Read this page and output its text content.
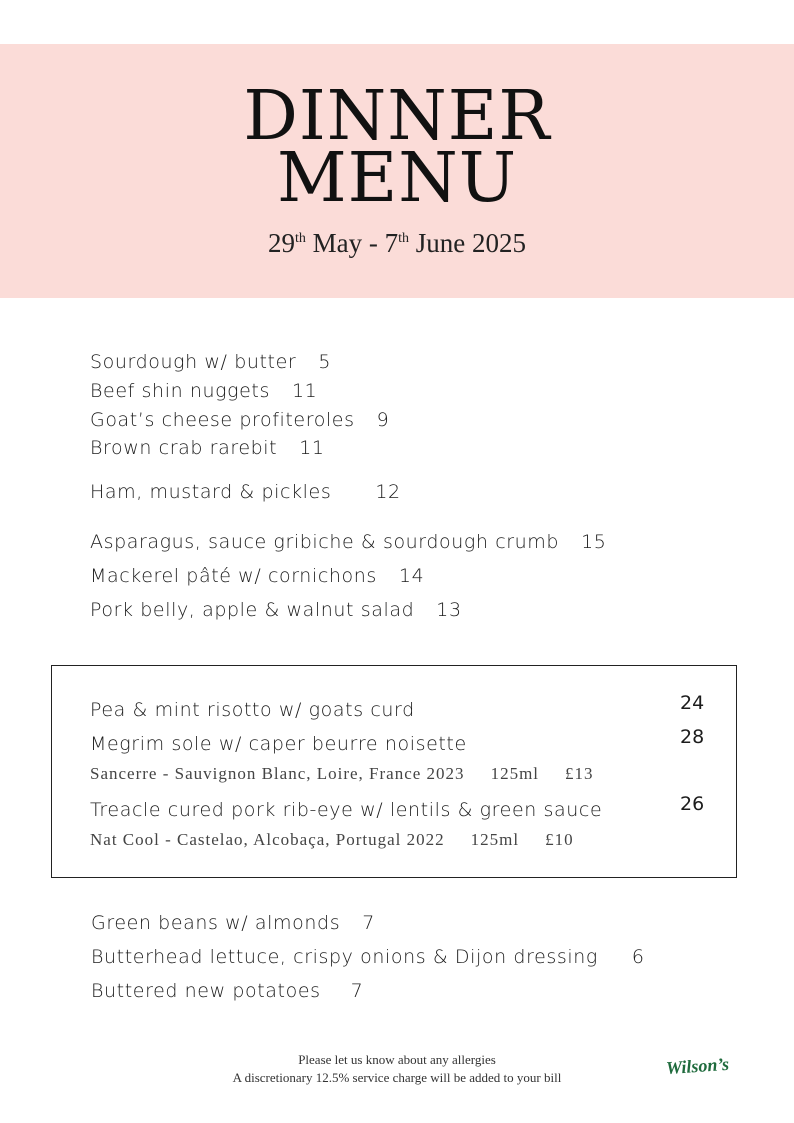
DINNER
MENU
29th May - 7th June 2025
Sourdough w/ butter 5
Beef shin nuggets 11
Goat’s cheese profiteroles 9
Brown crab rarebit 11
Ham, mustard & pickles 12
Asparagus, sauce gribiche & sourdough crumb 15
Mackerel pâté w/ cornichons 14
Pork belly, apple & walnut salad 13
Pea & mint risotto w/ goats curd	24
Megrim sole w/ caper beurre noisette	28
Sancerre - Sauvignon Blanc, Loire, France 2023 125ml £13
Treacle cured pork rib-eye w/ lentils & green sauce	26
Nat Cool - Castelao, Alcobaça, Portugal 2022 125ml £10
Green beans w/ almonds 7
Butterhead lettuce, crispy onions & Dijon dressing 6
Buttered new potatoes 7
Please let us know about any allergies
A discretionary 12.5% service charge will be added to your bill	Wilson’s
